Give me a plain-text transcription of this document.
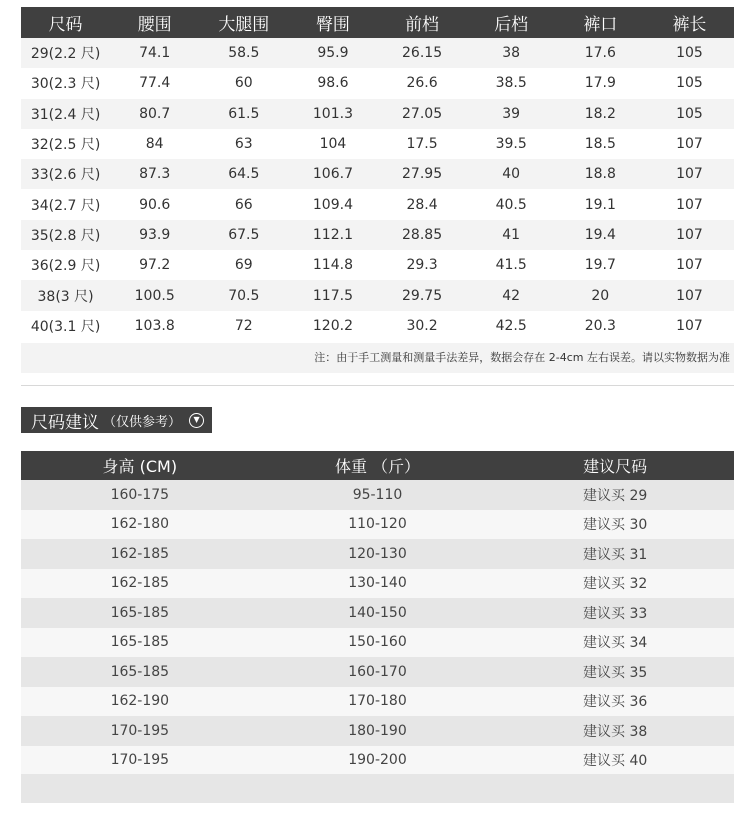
尺码	腰围	大腿围	臀围	前档	后档	裤口	裤长
29(2.2 尺)	74.1	58.5	95.9	26.15	38	17.6	105
30(2.3 尺)	77.4	60	98.6	26.6	38.5	17.9	105
31(2.4 尺)	80.7	61.5	101.3	27.05	39	18.2	105
32(2.5 尺)	84	63	104	17.5	39.5	18.5	107
33(2.6 尺)	87.3	64.5	106.7	27.95	40	18.8	107
34(2.7 尺)	90.6	66	109.4	28.4	40.5	19.1	107
35(2.8 尺)	93.9	67.5	112.1	28.85	41	19.4	107
36(2.9 尺)	97.2	69	114.8	29.3	41.5	19.7	107
38(3 尺)	100.5	70.5	117.5	29.75	42	20	107
40(3.1 尺)	103.8	72	120.2	30.2	42.5	20.3	107
注：由于手工测量和测量手法差异，数据会存在 2-4cm 左右误差。请以实物数据为准
尺码建议 （仅供参考）	▼
身高 (CM)	体重 （斤）	建议尺码
160-175	95-110	建议买 29
162-180	110-120	建议买 30
162-185	120-130	建议买 31
162-185	130-140	建议买 32
165-185	140-150	建议买 33
165-185	150-160	建议买 34
165-185	160-170	建议买 35
162-190	170-180	建议买 36
170-195	180-190	建议买 38
170-195	190-200	建议买 40
